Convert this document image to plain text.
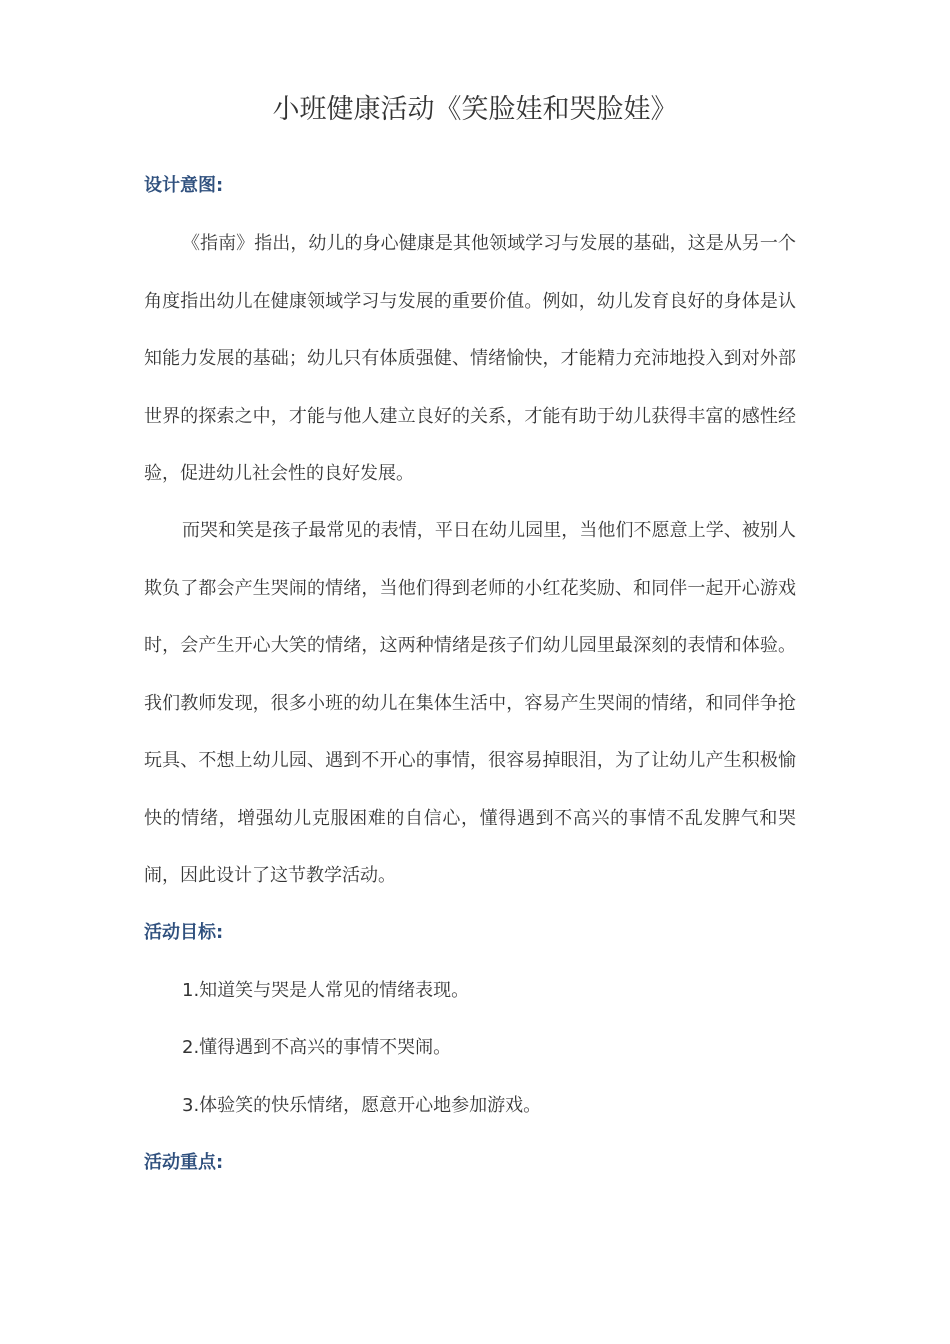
小班健康活动《笑脸娃和哭脸娃》
设计意图:

《指南》指出，幼儿的身心健康是其他领域学习与发展的基础，这是从另一个角度指出幼儿在健康领域学习与发展的重要价值。例如，幼儿发育良好的身体是认知能力发展的基础；幼儿只有体质强健、情绪愉快，才能精力充沛地投入到对外部世界的探索之中，才能与他人建立良好的关系，才能有助于幼儿获得丰富的感性经验，促进幼儿社会性的良好发展。

而哭和笑是孩子最常见的表情，平日在幼儿园里，当他们不愿意上学、被别人欺负了都会产生哭闹的情绪，当他们得到老师的小红花奖励、和同伴一起开心游戏时，会产生开心大笑的情绪，这两种情绪是孩子们幼儿园里最深刻的表情和体验。我们教师发现，很多小班的幼儿在集体生活中，容易产生哭闹的情绪，和同伴争抢玩具、不想上幼儿园、遇到不开心的事情，很容易掉眼泪，为了让幼儿产生积极愉快的情绪，增强幼儿克服困难的自信心，懂得遇到不高兴的事情不乱发脾气和哭闹，因此设计了这节教学活动。

活动目标:

1.知道笑与哭是人常见的情绪表现。

2.懂得遇到不高兴的事情不哭闹。

3.体验笑的快乐情绪，愿意开心地参加游戏。

活动重点:
